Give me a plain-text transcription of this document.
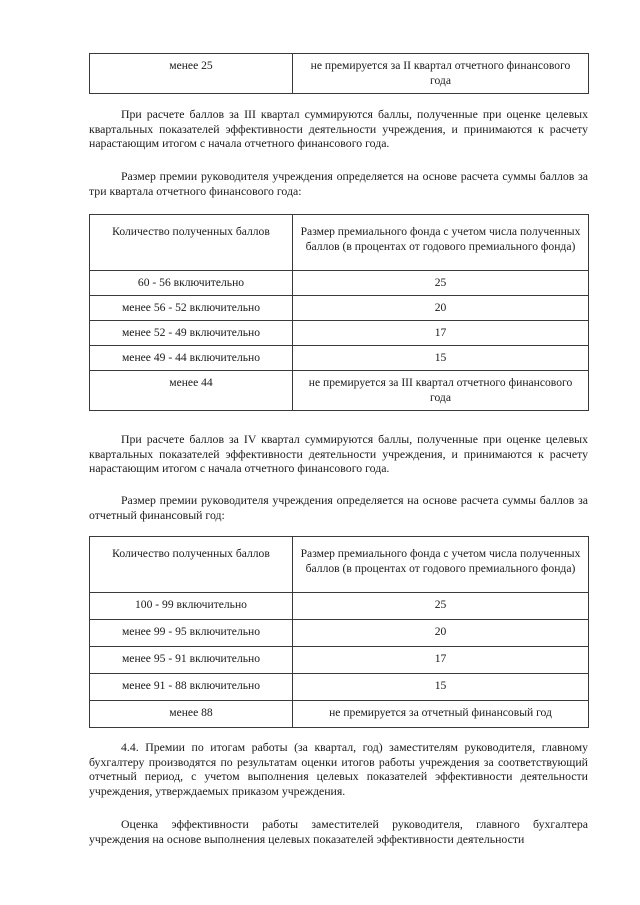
менее 25	не премируется за II квартал отчетного финансового года

При расчете баллов за III квартал суммируются баллы, полученные при оценке целевых квартальных показателей эффективности деятельности учреждения, и принимаются к расчету нарастающим итогом с начала отчетного финансового года.

Размер премии руководителя учреждения определяется на основе расчета суммы баллов за три квартала отчетного финансового года:

Количество полученных баллов	Размер премиального фонда с учетом числа полученных баллов (в процентах от годового премиального фонда)
60 - 56 включительно	25
менее 56 - 52 включительно	20
менее 52 - 49 включительно	17
менее 49 - 44 включительно	15
менее 44	не премируется за III квартал отчетного финансового года

При расчете баллов за IV квартал суммируются баллы, полученные при оценке целевых квартальных показателей эффективности деятельности учреждения, и принимаются к расчету нарастающим итогом с начала отчетного финансового года.

Размер премии руководителя учреждения определяется на основе расчета суммы баллов за отчетный финансовый год:

Количество полученных баллов	Размер премиального фонда с учетом числа полученных баллов (в процентах от годового премиального фонда)
100 - 99 включительно	25
менее 99 - 95 включительно	20
менее 95 - 91 включительно	17
менее 91 - 88 включительно	15
менее 88	не премируется за отчетный финансовый год

4.4. Премии по итогам работы (за квартал, год) заместителям руководителя, главному бухгалтеру производятся по результатам оценки итогов работы учреждения за соответствующий отчетный период, с учетом выполнения целевых показателей эффективности деятельности учреждения, утверждаемых приказом учреждения.

Оценка эффективности работы заместителей руководителя, главного бухгалтера учреждения на основе выполнения целевых показателей эффективности деятельности
